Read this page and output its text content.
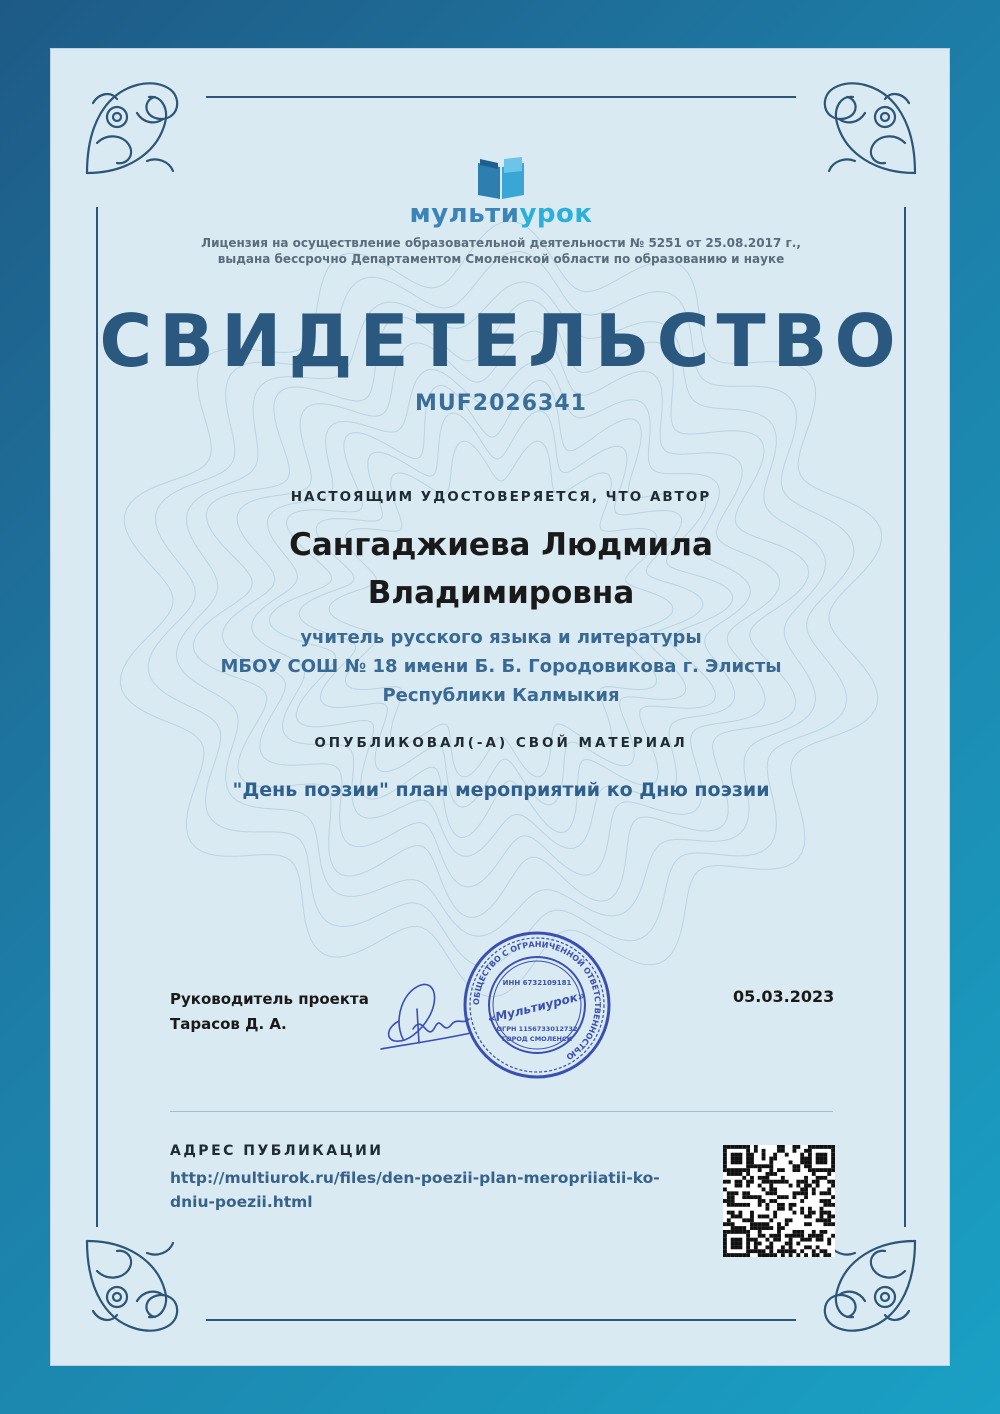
мультиурок
Лицензия на осуществление образовательной деятельности № 5251 от 25.08.2017 г.,
выдана бессрочно Департаментом Смоленской области по образованию и науке
СВИДЕТЕЛЬСТВО
MUF2026341
НАСТОЯЩИМ УДОСТОВЕРЯЕТСЯ, ЧТО АВТОР
Сангаджиева Людмила
Владимировна
учитель русского языка и литературы
МБОУ СОШ № 18 имени Б. Б. Городовикова г. Элисты
Республики Калмыкия
ОПУБЛИКОВАЛ(-А) СВОЙ МАТЕРИАЛ
"День поэзии" план мероприятий ко Дню поэзии
Руководитель проекта
Тарасов Д. А.
ОБЩЕСТВО С ОГРАНИЧЕННОЙ ОТВЕТСТВЕННОСТЬЮ
ИНН 6732109181
«Мультиурок»
ОГРН 1156733012732
ГОРОД СМОЛЕНСК
05.03.2023
АДРЕС ПУБЛИКАЦИИ
http://multiurok.ru/files/den-poezii-plan-meropriiatii-ko-
dniu-poezii.html
